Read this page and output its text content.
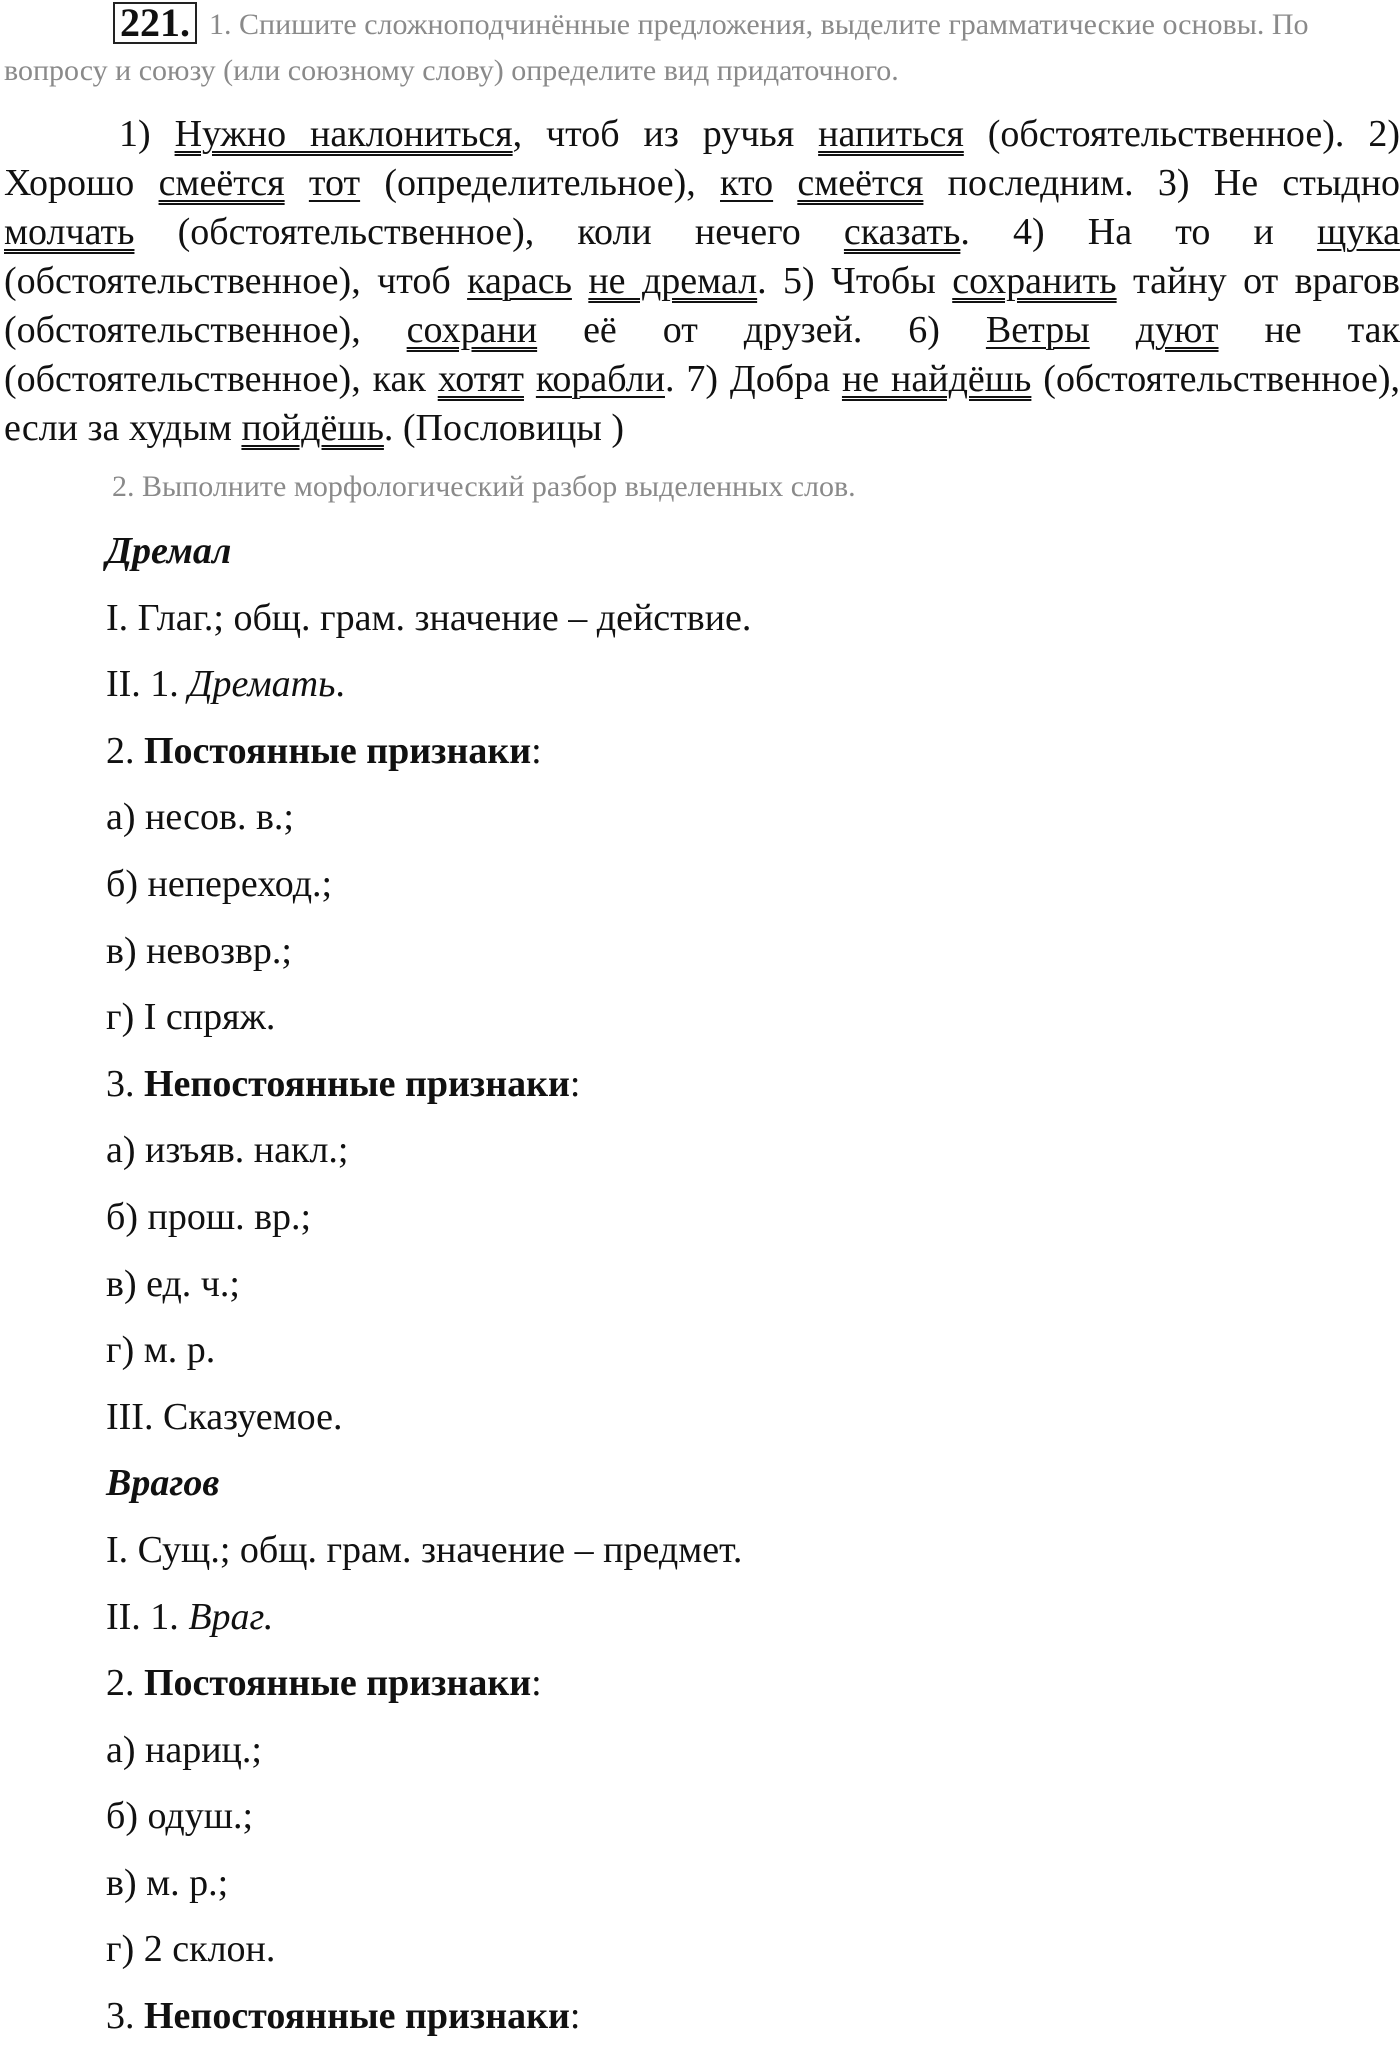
221. 1. Спишите сложноподчинённые предложения, выделите грамматические основы. По вопросу и союзу (или союзному слову) определите вид придаточного.
1) Нужно наклониться, чтоб из ручья напиться (обстоятельственное). 2) Хорошо смеётся тот (определительное), кто смеётся последним. 3) Не стыдно молчать (обстоятельственное), коли нечего сказать. 4) На то и щука (обстоятельственное), чтоб карась не дремал. 5) Чтобы сохранить тайну от врагов (обстоятельственное), сохрани её от друзей. 6) Ветры дуют не так (обстоятельственное), как хотят корабли. 7) Добра не найдёшь (обстоятельственное), если за худым пойдёшь. (Пословицы )
2. Выполните морфологический разбор выделенных слов.
Дремал
I. Глаг.; общ. грам. значение – действие.
II. 1. Дремать.
2. Постоянные признаки:
а) несов. в.;
б) непереход.;
в) невозвр.;
г) I спряж.
3. Непостоянные признаки:
а) изъяв. накл.;
б) прош. вр.;
в) ед. ч.;
г) м. р.
III. Сказуемое.
Врагов
I. Сущ.; общ. грам. значение – предмет.
II. 1. Враг.
2. Постоянные признаки:
а) нариц.;
б) одуш.;
в) м. р.;
г) 2 склон.
3. Непостоянные признаки:
